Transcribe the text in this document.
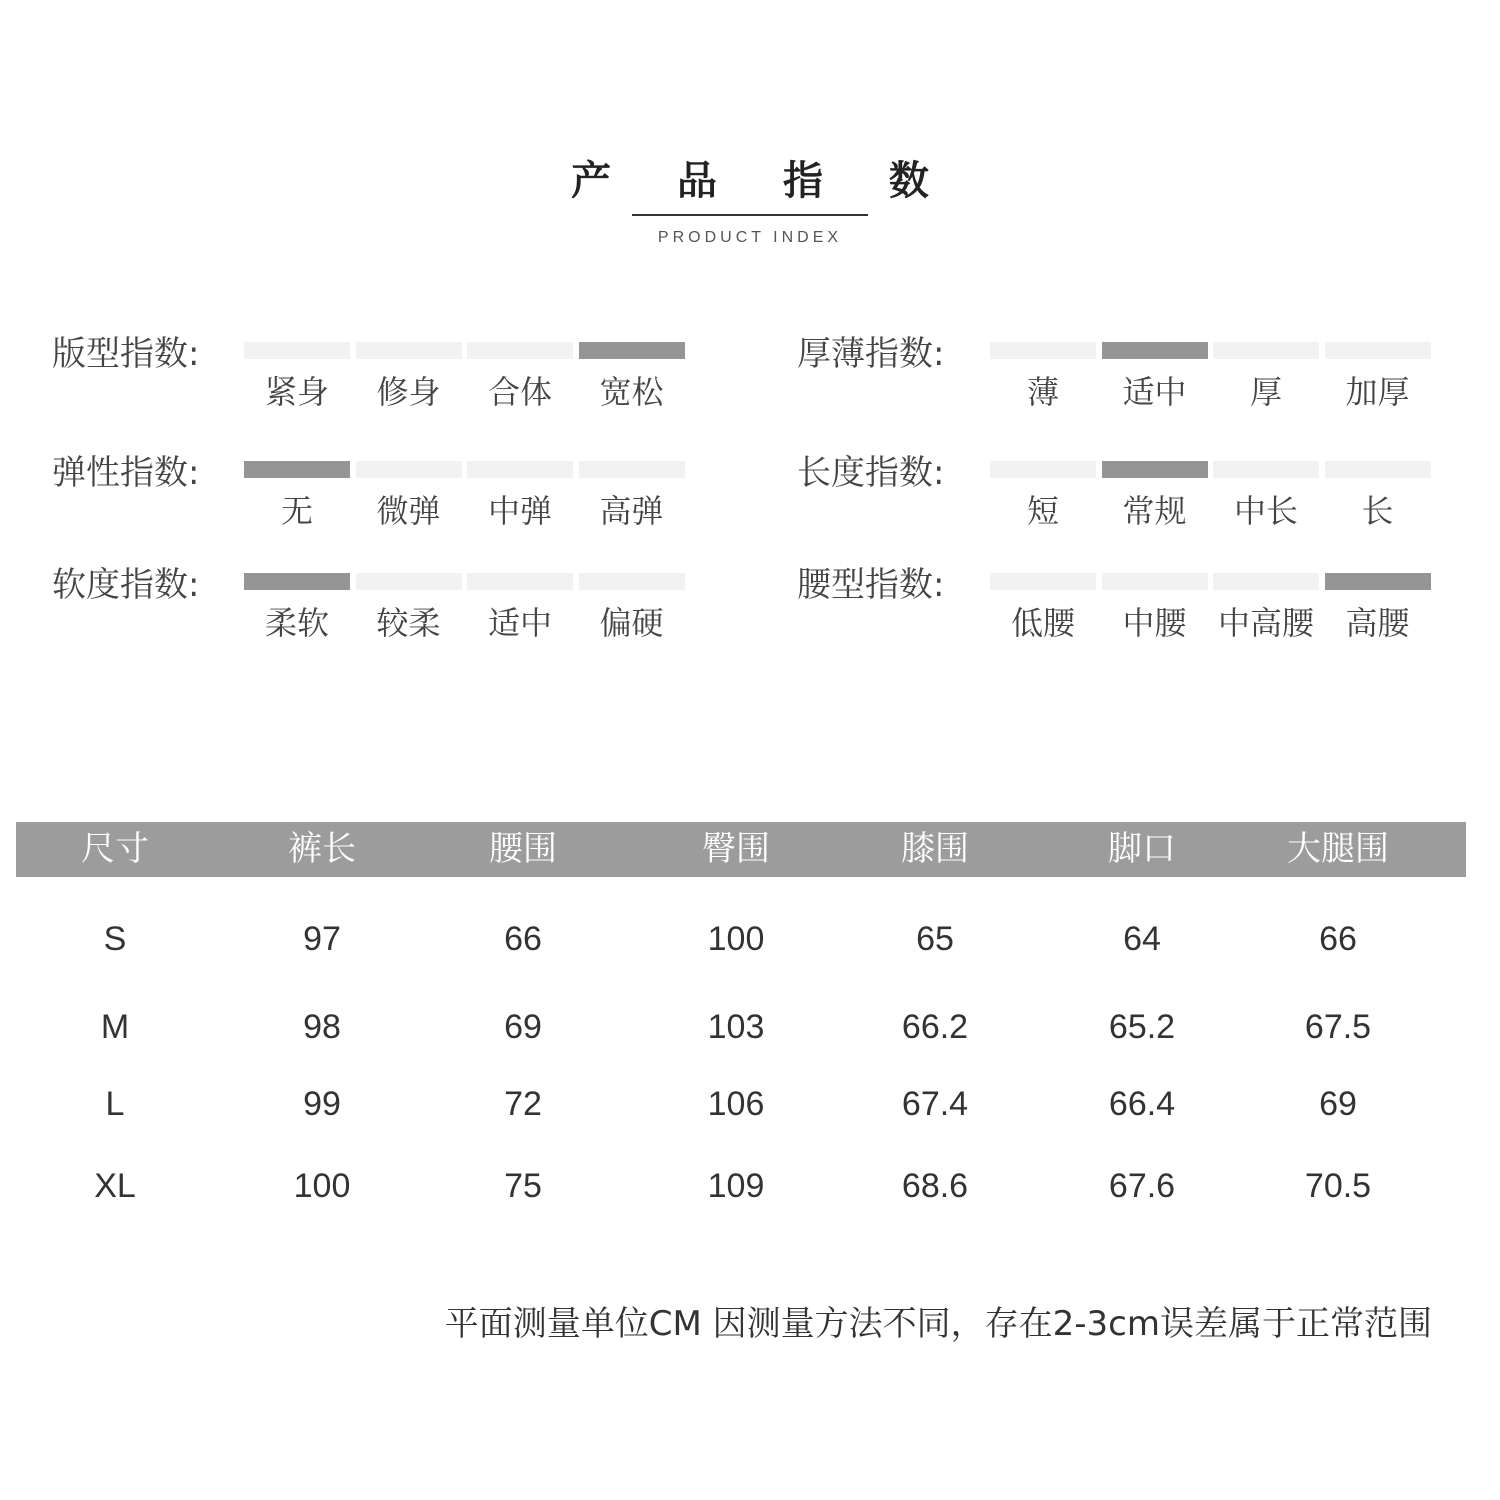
产 品 指 数
PRODUCT INDEX
版型指数:
紧身	修身	合体	宽松
厚薄指数:
薄	适中	厚	加厚
弹性指数:
无	微弹	中弹	高弹
长度指数:
短	常规	中长	长
软度指数:
柔软	较柔	适中	偏硬
腰型指数:
低腰	中腰 中高腰 高腰
尺寸	裤长	腰围	臀围	膝围	脚口	大腿围
S	97	66	100	65	64	66
M	98	69	103	66.2	65.2	67.5
L	99	72	106	67.4	66.4	69
XL	100	75	109	68.6	67.6	70.5
平面测量单位CM 因测量方法不同，存在2-3cm误差属于正常范围
